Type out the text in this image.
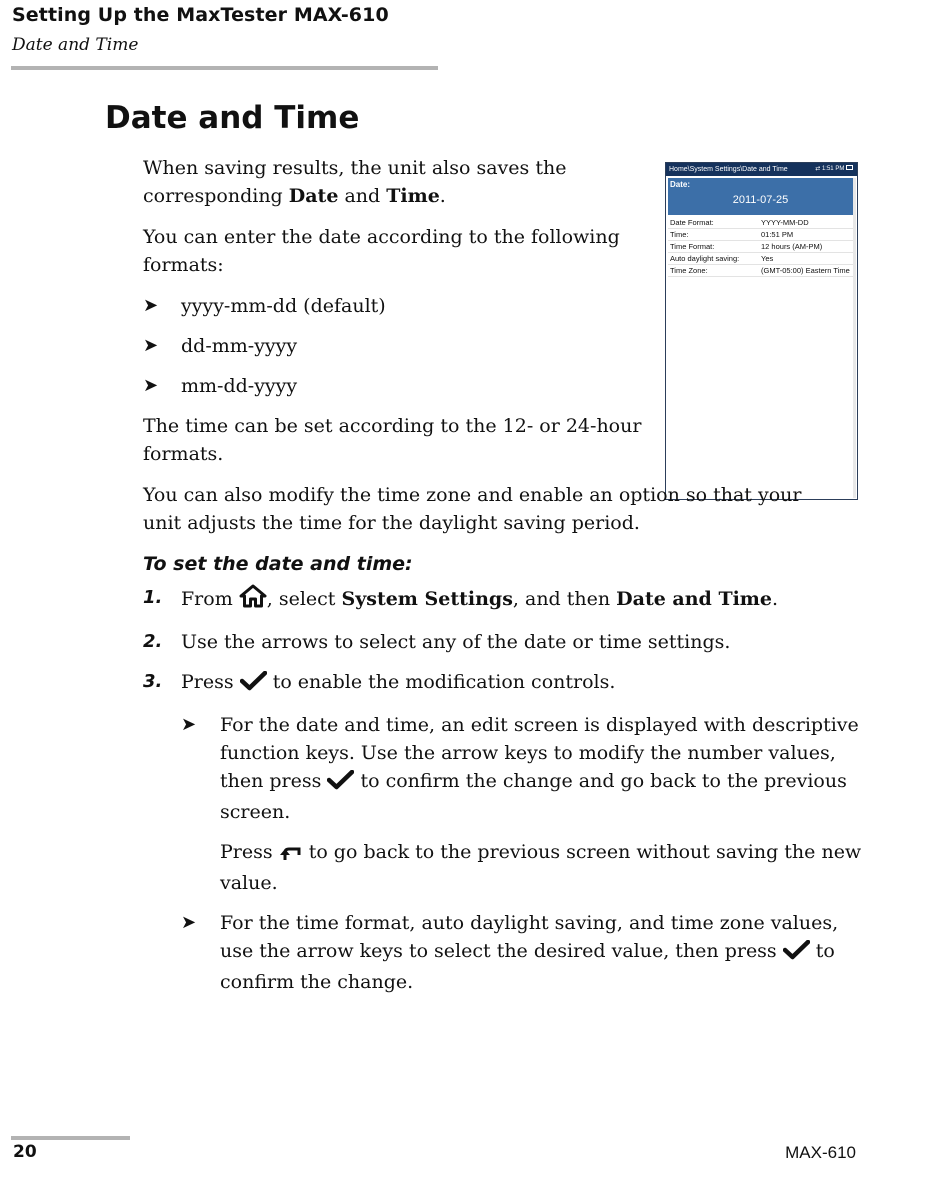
Setting Up the MaxTester MAX-610
Date and Time
Date and Time
Home\System Settings\Date and Time	⇄ 1:51 PM
Date:
2011-07-25
Date Format:	YYYY-MM-DD
Time:	01:51 PM
Time Format:	12 hours (AM-PM)
Auto daylight saving:	Yes
Time Zone:	(GMT-05:00) Eastern Time
When saving results, the unit also saves the corresponding Date and Time.
You can enter the date according to the following formats:
➤ yyyy-mm-dd (default)
➤ dd-mm-yyyy
➤ mm-dd-yyyy
The time can be set according to the 12- or 24-hour formats.
You can also modify the time zone and enable an option so that your unit adjusts the time for the daylight saving period.
To set the date and time:
1. From , select System Settings, and then Date and Time.
2. Use the arrows to select any of the date or time settings.
3. Press  to enable the modification controls.
➤ For the date and time, an edit screen is displayed with descriptive function keys. Use the arrow keys to modify the number values, then press  to confirm the change and go back to the previous screen.
Press  to go back to the previous screen without saving the new value.
➤ For the time format, auto daylight saving, and time zone values, use the arrow keys to select the desired value, then press  to confirm the change.
20	MAX-610
